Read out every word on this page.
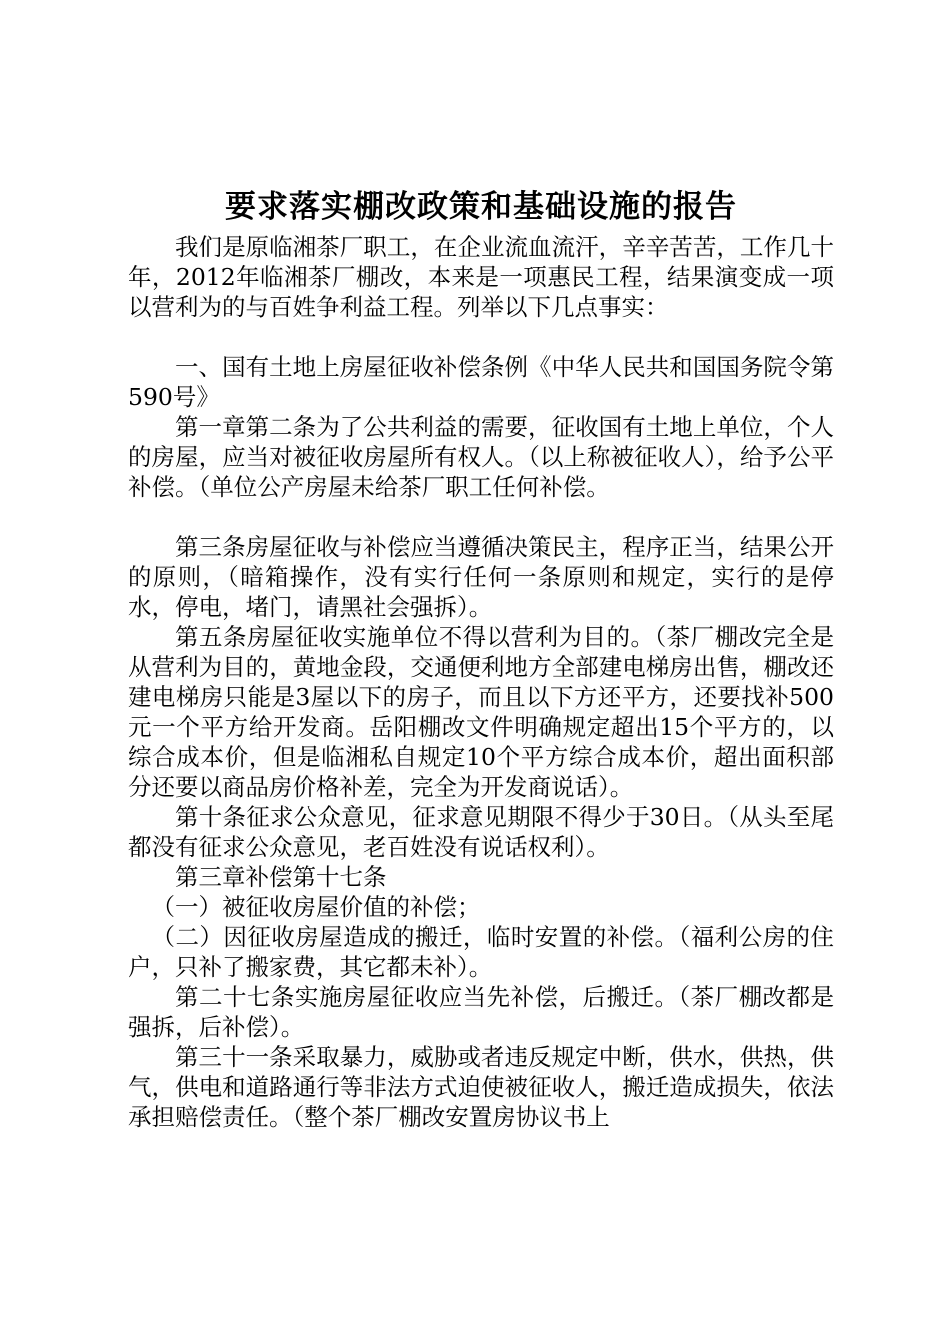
要求落实棚改政策和基础设施的报告

我们是原临湘茶厂职工，在企业流血流汗，辛辛苦苦，工作几十年，2012年临湘茶厂棚改，本来是一项惠民工程，结果演变成一项以营利为的与百姓争利益工程。列举以下几点事实：

一、国有土地上房屋征收补偿条例《中华人民共和国国务院令第590号》

第一章第二条为了公共利益的需要，征收国有土地上单位，个人的房屋，应当对被征收房屋所有权人。（以上称被征收人），给予公平补偿。（单位公产房屋未给茶厂职工任何补偿。

第三条房屋征收与补偿应当遵循决策民主，程序正当，结果公开的原则，（暗箱操作，没有实行任何一条原则和规定，实行的是停水，停电，堵门，请黑社会强拆）。

第五条房屋征收实施单位不得以营利为目的。（茶厂棚改完全是从营利为目的，黄地金段，交通便利地方全部建电梯房出售，棚改还建电梯房只能是3屋以下的房子，而且以下方还平方，还要找补500元一个平方给开发商。岳阳棚改文件明确规定超出15个平方的，以综合成本价，但是临湘私自规定10个平方综合成本价，超出面积部分还要以商品房价格补差，完全为开发商说话）。

第十条征求公众意见，征求意见期限不得少于30日。（从头至尾都没有征求公众意见，老百姓没有说话权利）。

第三章补偿第十七条

（一）被征收房屋价值的补偿；

（二）因征收房屋造成的搬迁，临时安置的补偿。（福利公房的住户，只补了搬家费，其它都未补）。

第二十七条实施房屋征收应当先补偿，后搬迁。（茶厂棚改都是强拆，后补偿）。

第三十一条采取暴力，威胁或者违反规定中断，供水，供热，供气，供电和道路通行等非法方式迫使被征收人，搬迁造成损失，依法承担赔偿责任。（整个茶厂棚改安置房协议书上
